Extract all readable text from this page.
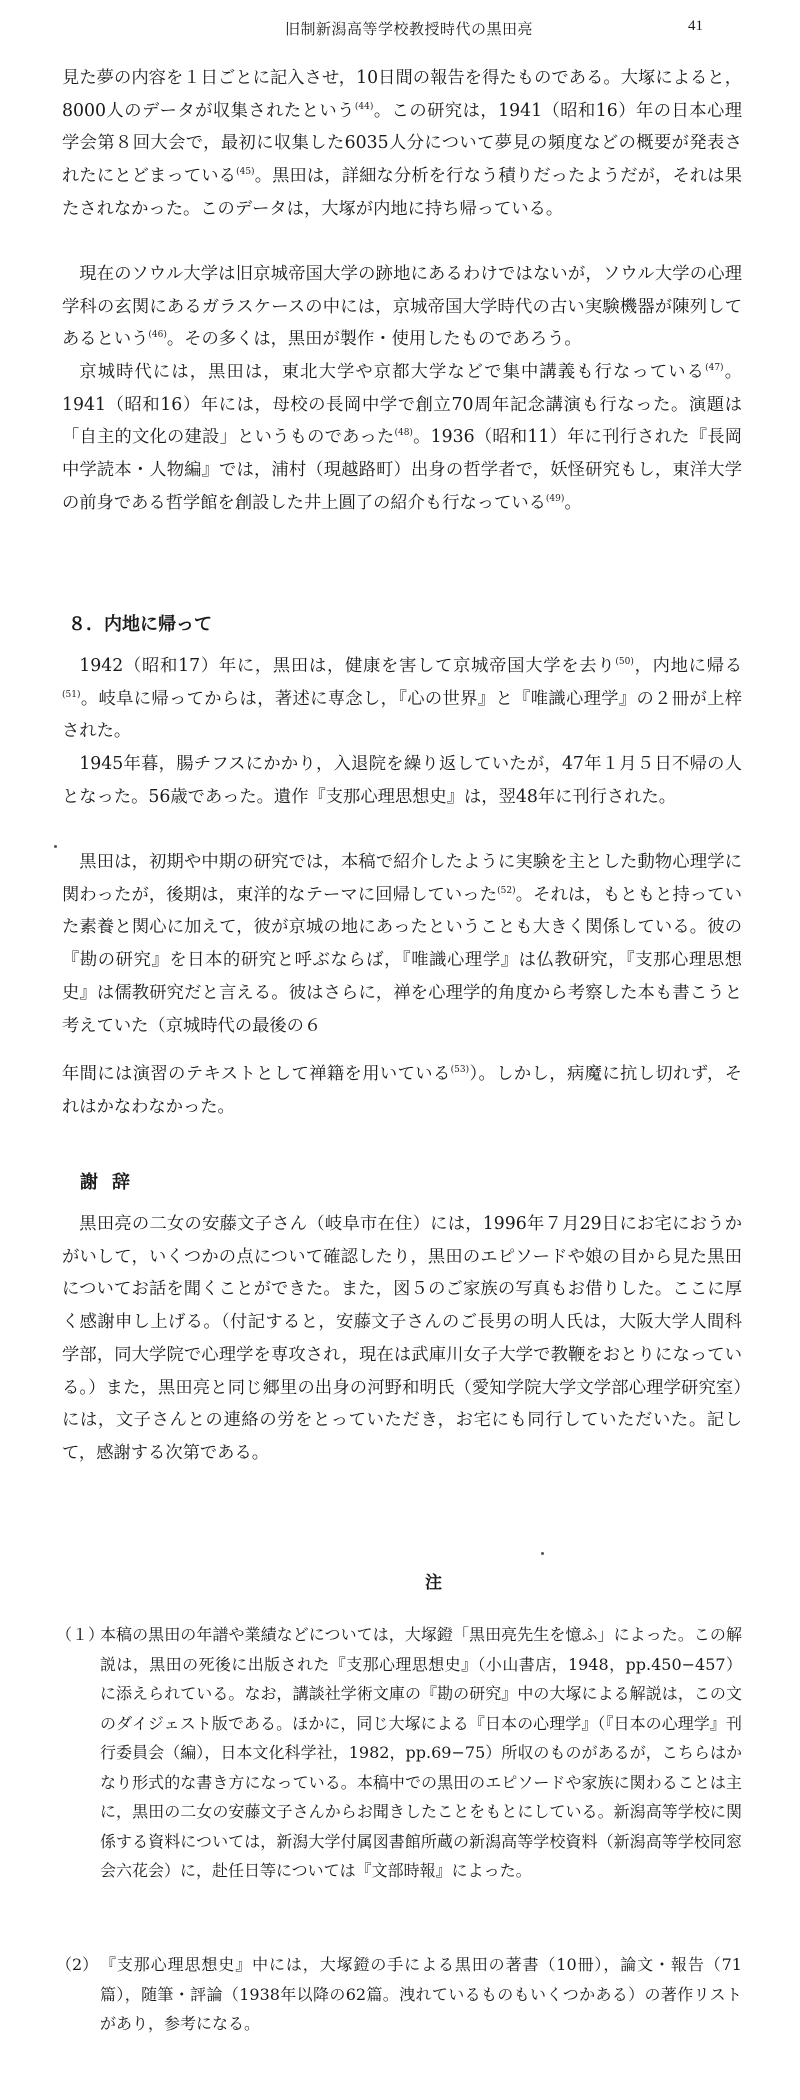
旧制新潟高等学校教授時代の黒田亮	41

見た夢の内容を１日ごとに記入させ，10日間の報告を得たものである。大塚によると，8000人のデータが収集されたという$^{(44)}$。この研究は，1941（昭和16）年の日本心理学会第８回大会で，最初に収集した6035人分について夢見の頻度などの概要が発表されたにとどまっている$^{(45)}$。黒田は，詳細な分析を行なう積りだったようだが，それは果たされなかった。このデータは，大塚が内地に持ち帰っている。

現在のソウル大学は旧京城帝国大学の跡地にあるわけではないが，ソウル大学の心理学科の玄関にあるガラスケースの中には，京城帝国大学時代の古い実験機器が陳列してあるという$^{(46)}$。その多くは，黒田が製作・使用したものであろう。

京城時代には，黒田は，東北大学や京都大学などで集中講義も行なっている$^{(47)}$。1941（昭和16）年には，母校の長岡中学で創立70周年記念講演も行なった。演題は「自主的文化の建設」というものであった$^{(48)}$。1936（昭和11）年に刊行された『長岡中学読本・人物編』では，浦村（現越路町）出身の哲学者で，妖怪研究もし，東洋大学の前身である哲学館を創設した井上圓了の紹介も行なっている$^{(49)}$。

８．内地に帰って

1942（昭和17）年に，黒田は，健康を害して京城帝国大学を去り$^{(50)}$，内地に帰る$^{(51)}$。岐阜に帰ってからは，著述に専念し，『心の世界』と『唯識心理学』の２冊が上梓された。

1945年暮，腸チフスにかかり，入退院を繰り返していたが，47年１月５日不帰の人となった。56歳であった。遺作『支那心理思想史』は，翌48年に刊行された。

黒田は，初期や中期の研究では，本稿で紹介したように実験を主とした動物心理学に関わったが，後期は，東洋的なテーマに回帰していった$^{(52)}$。それは，もともと持っていた素養と関心に加えて，彼が京城の地にあったということも大きく関係している。彼の『勘の研究』を日本的研究と呼ぶならば，『唯識心理学』は仏教研究，『支那心理思想史』は儒教研究だと言える。彼はさらに，禅を心理学的角度から考察した本も書こうと考えていた（京城時代の最後の６

年間には演習のテキストとして禅籍を用いている$^{(53)}$）。しかし，病魔に抗し切れず，それはかなわなかった。

謝辞

黒田亮の二女の安藤文子さん（岐阜市在住）には，1996年７月29日にお宅におうかがいして，いくつかの点について確認したり，黒田のエピソードや娘の目から見た黒田についてお話を聞くことができた。また，図５のご家族の写真もお借りした。ここに厚く感謝申し上げる。（付記すると，安藤文子さんのご長男の明人氏は，大阪大学人間科学部，同大学院で心理学を専攻され，現在は武庫川女子大学で教鞭をおとりになっている。）また，黒田亮と同じ郷里の出身の河野和明氏（愛知学院大学文学部心理学研究室）には，文子さんとの連絡の労をとっていただき，お宅にも同行していただいた。記して，感謝する次第である。

注
（１）
本稿の黒田の年譜や業績などについては，大塚鐙「黒田亮先生を憶ふ」によった。この解説は，黒田の死後に出版された『支那心理思想史』（小山書店，1948，pp.450−457）に添えられている。なお，講談社学術文庫の『勘の研究』中の大塚による解説は，この文のダイジェスト版である。ほかに，同じ大塚による『日本の心理学』（『日本の心理学』刊行委員会（編），日本文化科学社，1982，pp.69−75）所収のものがあるが，こちらはかなり形式的な書き方になっている。本稿中での黒田のエピソードや家族に関わることは主に，黒田の二女の安藤文子さんからお聞きしたことをもとにしている。新潟高等学校に関係する資料については，新潟大学付属図書館所蔵の新潟高等学校資料（新潟高等学校同窓会六花会）に，赴任日等については『文部時報』によった。
（2） 『支那心理思想史』中には，大塚鐙の手による黒田の著書（10冊），論文・報告（71篇），随筆・評論（1938年以降の62篇。洩れているものもいくつかある）の著作リストがあり，参考になる。
